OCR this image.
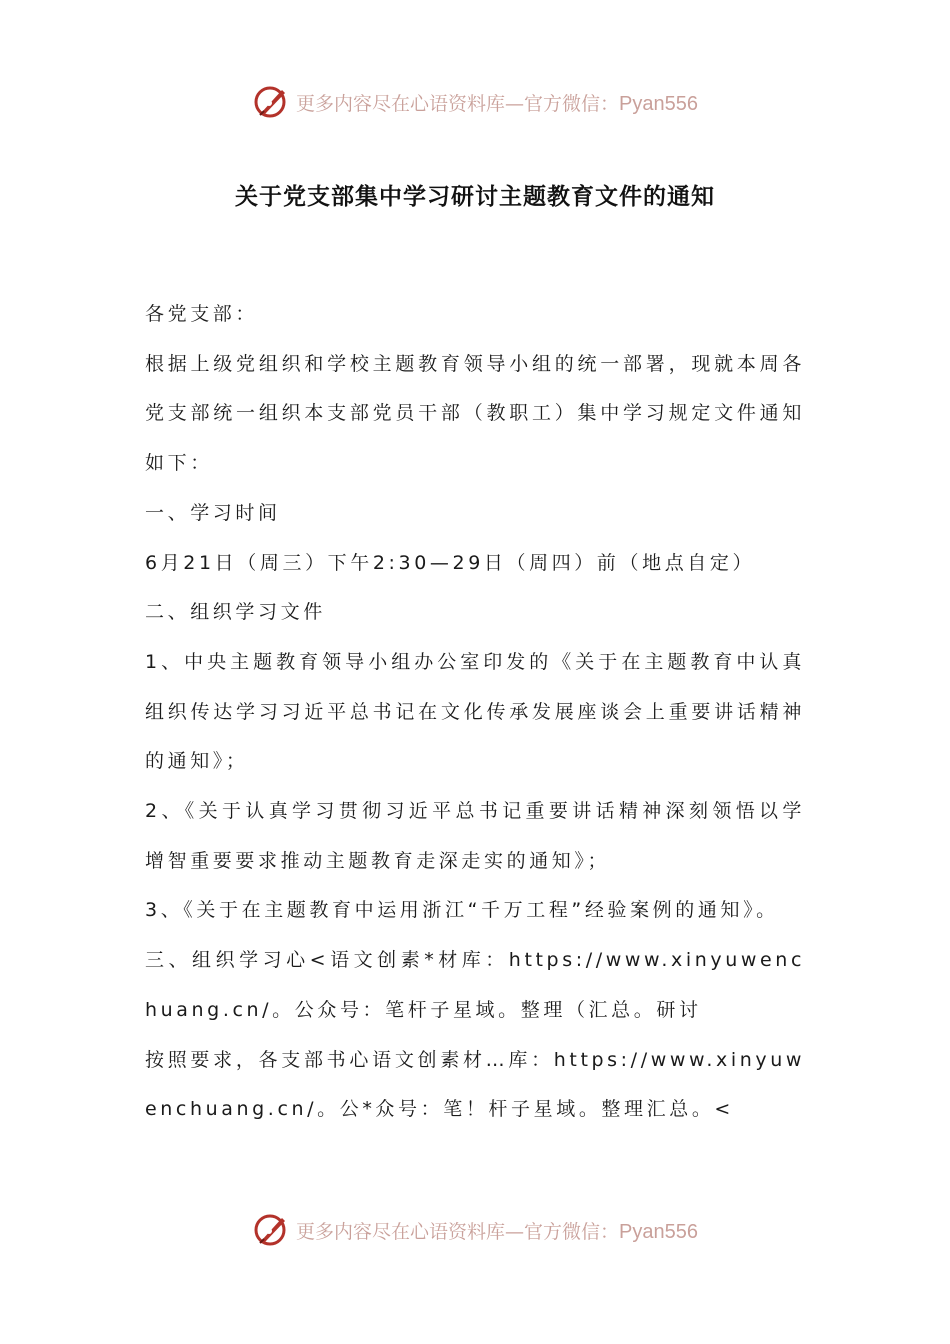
更多内容尽在心语资料库—官方微信：Pyan556
关于党支部集中学习研讨主题教育文件的通知

各党支部：

根据上级党组织和学校主题教育领导小组的统一部署，现就本周各党支部统一组织本支部党员干部（教职工）集中学习规定文件通知如下：

一、学习时间

6月21日（周三）下午2:30—29日（周四）前（地点自定）

二、组织学习文件

1、中央主题教育领导小组办公室印发的《关于在主题教育中认真组织传达学习习近平总书记在文化传承发展座谈会上重要讲话精神的通知》；

2、《关于认真学习贯彻习近平总书记重要讲话精神深刻领悟以学增智重要要求推动主题教育走深走实的通知》；

3、《关于在主题教育中运用浙江“千万工程”经验案例的通知》。

三、组织学习心<语文创素*材库：https://www.xinyuwenchuang.cn/。公众号：笔杆子星域。整理（汇总。研讨

按照要求，各支部书心语文创素材…库：https://www.xinyuwenchuang.cn/。公*众号：笔！杆子星域。整理汇总。<

更多内容尽在心语资料库—官方微信：Pyan556
